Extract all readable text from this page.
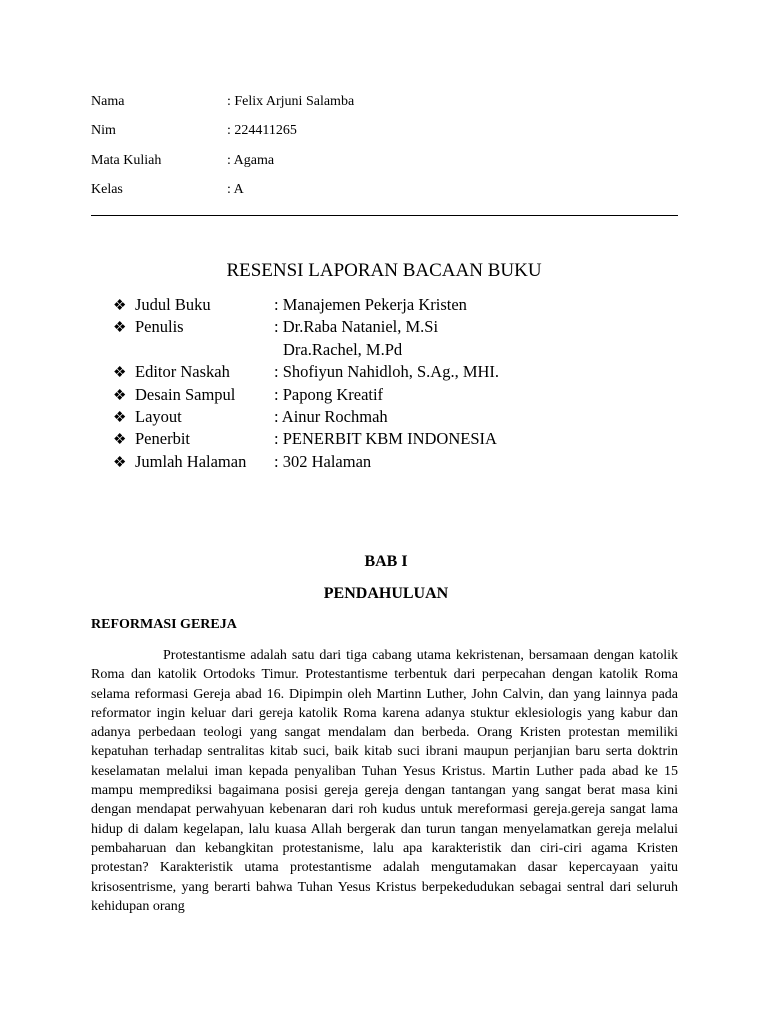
Nama	: Felix Arjuni Salamba
Nim	: 224411265
Mata Kuliah	: Agama
Kelas	: A
RESENSI LAPORAN BACAAN BUKU
❖ Judul Buku	: Manajemen Pekerja Kristen
❖ Penulis	: Dr.Raba Nataniel, M.Si
Dra.Rachel, M.Pd
❖ Editor Naskah	: Shofiyun Nahidloh, S.Ag., MHI.
❖ Desain Sampul : Papong Kreatif
❖ Layout	: Ainur Rochmah
❖ Penerbit	: PENERBIT KBM INDONESIA
❖ Jumlah Halaman : 302 Halaman
BAB I
PENDAHULUAN
REFORMASI GEREJA
Protestantisme adalah satu dari tiga cabang utama kekristenan, bersamaan dengan katolik Roma dan katolik Ortodoks Timur. Protestantisme terbentuk dari perpecahan dengan katolik Roma selama reformasi Gereja abad 16. Dipimpin oleh Martinn Luther, John Calvin, dan yang lainnya pada reformator ingin keluar dari gereja katolik Roma karena adanya stuktur eklesiologis yang kabur dan adanya perbedaan teologi yang sangat mendalam dan berbeda. Orang Kristen protestan memiliki kepatuhan terhadap sentralitas kitab suci, baik kitab suci ibrani maupun perjanjian baru serta doktrin keselamatan melalui iman kepada penyaliban Tuhan Yesus Kristus. Martin Luther pada abad ke 15 mampu memprediksi bagaimana posisi gereja gereja dengan tantangan yang sangat berat masa kini dengan mendapat perwahyuan kebenaran dari roh kudus untuk mereformasi gereja.gereja sangat lama hidup di dalam kegelapan, lalu kuasa Allah bergerak dan turun tangan menyelamatkan gereja melalui pembaharuan dan kebangkitan protestanisme, lalu apa karakteristik dan ciri-ciri agama Kristen protestan? Karakteristik utama protestantisme adalah mengutamakan dasar kepercayaan yaitu krisosentrisme, yang berarti bahwa Tuhan Yesus Kristus berpekedudukan sebagai sentral dari seluruh kehidupan orang
